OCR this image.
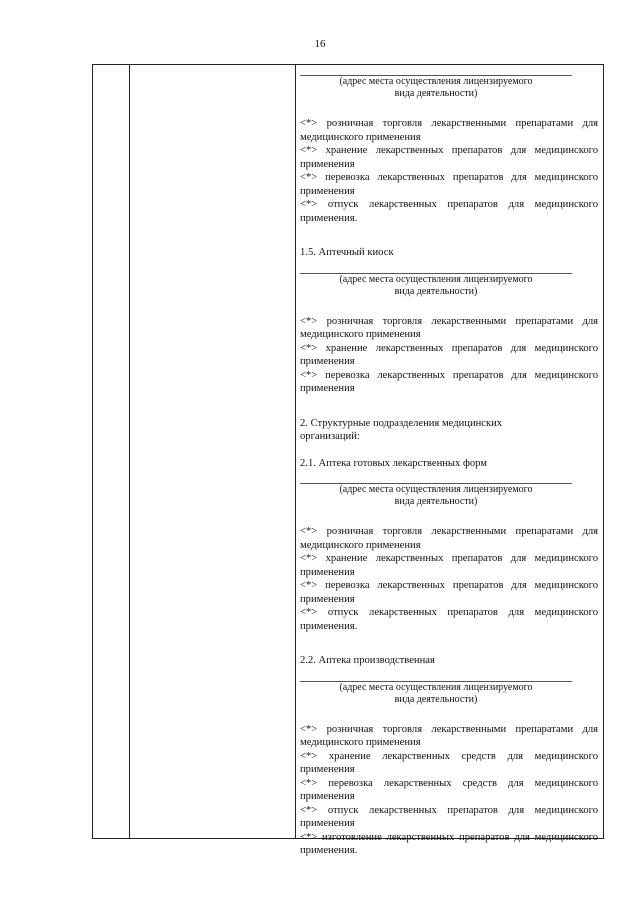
16
(адрес места осуществления лицензируемого
вида деятельности)

<*> розничная торговля лекарственными препаратами для медицинского применения

<*> хранение лекарственных препаратов для медицинского применения

<*> перевозка лекарственных препаратов для медицинского применения

<*> отпуск лекарственных препаратов для медицинского применения.

1.5. Аптечный киоск

(адрес места осуществления лицензируемого
вида деятельности)

<*> розничная торговля лекарственными препаратами для медицинского применения

<*> хранение лекарственных препаратов для медицинского применения

<*> перевозка лекарственных препаратов для медицинского применения

2. Структурные подразделения медицинских организаций:

2.1. Аптека готовых лекарственных форм

(адрес места осуществления лицензируемого
вида деятельности)

<*> розничная торговля лекарственными препаратами для медицинского применения

<*> хранение лекарственных препаратов для медицинского применения

<*> перевозка лекарственных препаратов для медицинского применения

<*> отпуск лекарственных препаратов для медицинского применения.

2.2. Аптека производственная

(адрес места осуществления лицензируемого
вида деятельности)

<*> розничная торговля лекарственными препаратами для медицинского применения

<*> хранение лекарственных средств для медицинского применения

<*> перевозка лекарственных средств для медицинского применения

<*> отпуск лекарственных препаратов для медицинского применения

<*> изготовление лекарственных препаратов для медицинского применения.
